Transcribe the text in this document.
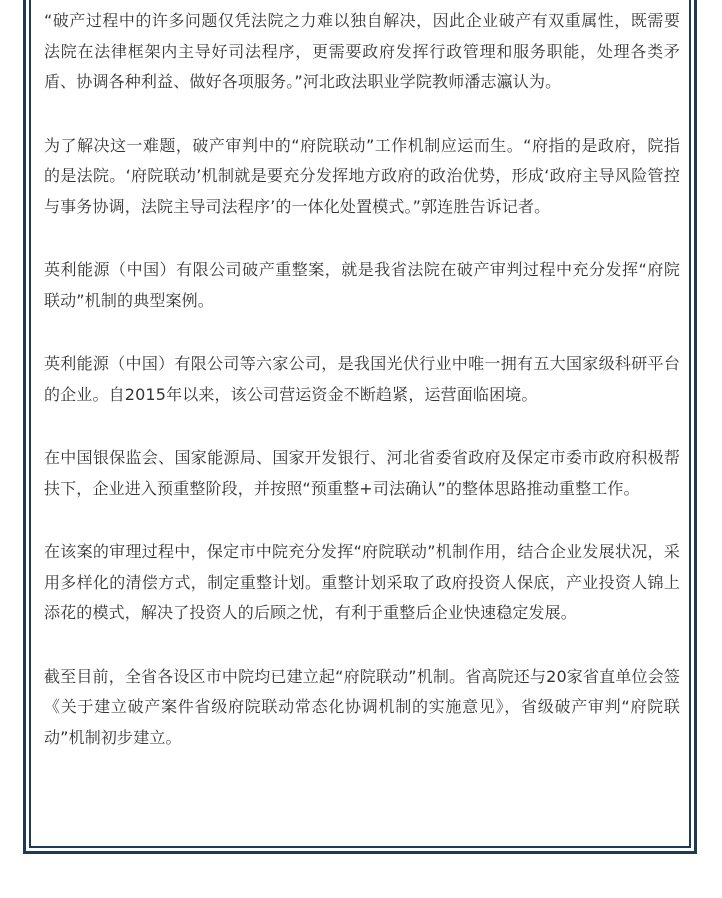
“破产过程中的许多问题仅凭法院之力难以独自解决，因此企业破产有双重属性，既需要法院在法律框架内主导好司法程序，更需要政府发挥行政管理和服务职能，处理各类矛盾、协调各种利益、做好各项服务。”河北政法职业学院教师潘志瀛认为。

为了解决这一难题，破产审判中的“府院联动”工作机制应运而生。“府指的是政府，院指的是法院。‘府院联动’机制就是要充分发挥地方政府的政治优势，形成‘政府主导风险管控与事务协调，法院主导司法程序’的一体化处置模式。”郭连胜告诉记者。

英利能源（中国）有限公司破产重整案，就是我省法院在破产审判过程中充分发挥“府院联动”机制的典型案例。

英利能源（中国）有限公司等六家公司，是我国光伏行业中唯一拥有五大国家级科研平台的企业。自2015年以来，该公司营运资金不断趋紧，运营面临困境。

在中国银保监会、国家能源局、国家开发银行、河北省委省政府及保定市委市政府积极帮扶下，企业进入预重整阶段，并按照“预重整+司法确认”的整体思路推动重整工作。

在该案的审理过程中，保定市中院充分发挥“府院联动”机制作用，结合企业发展状况，采用多样化的清偿方式，制定重整计划。重整计划采取了政府投资人保底，产业投资人锦上添花的模式，解决了投资人的后顾之忧，有利于重整后企业快速稳定发展。

截至目前，全省各设区市中院均已建立起“府院联动”机制。省高院还与20家省直单位会签《关于建立破产案件省级府院联动常态化协调机制的实施意见》，省级破产审判“府院联动”机制初步建立。
